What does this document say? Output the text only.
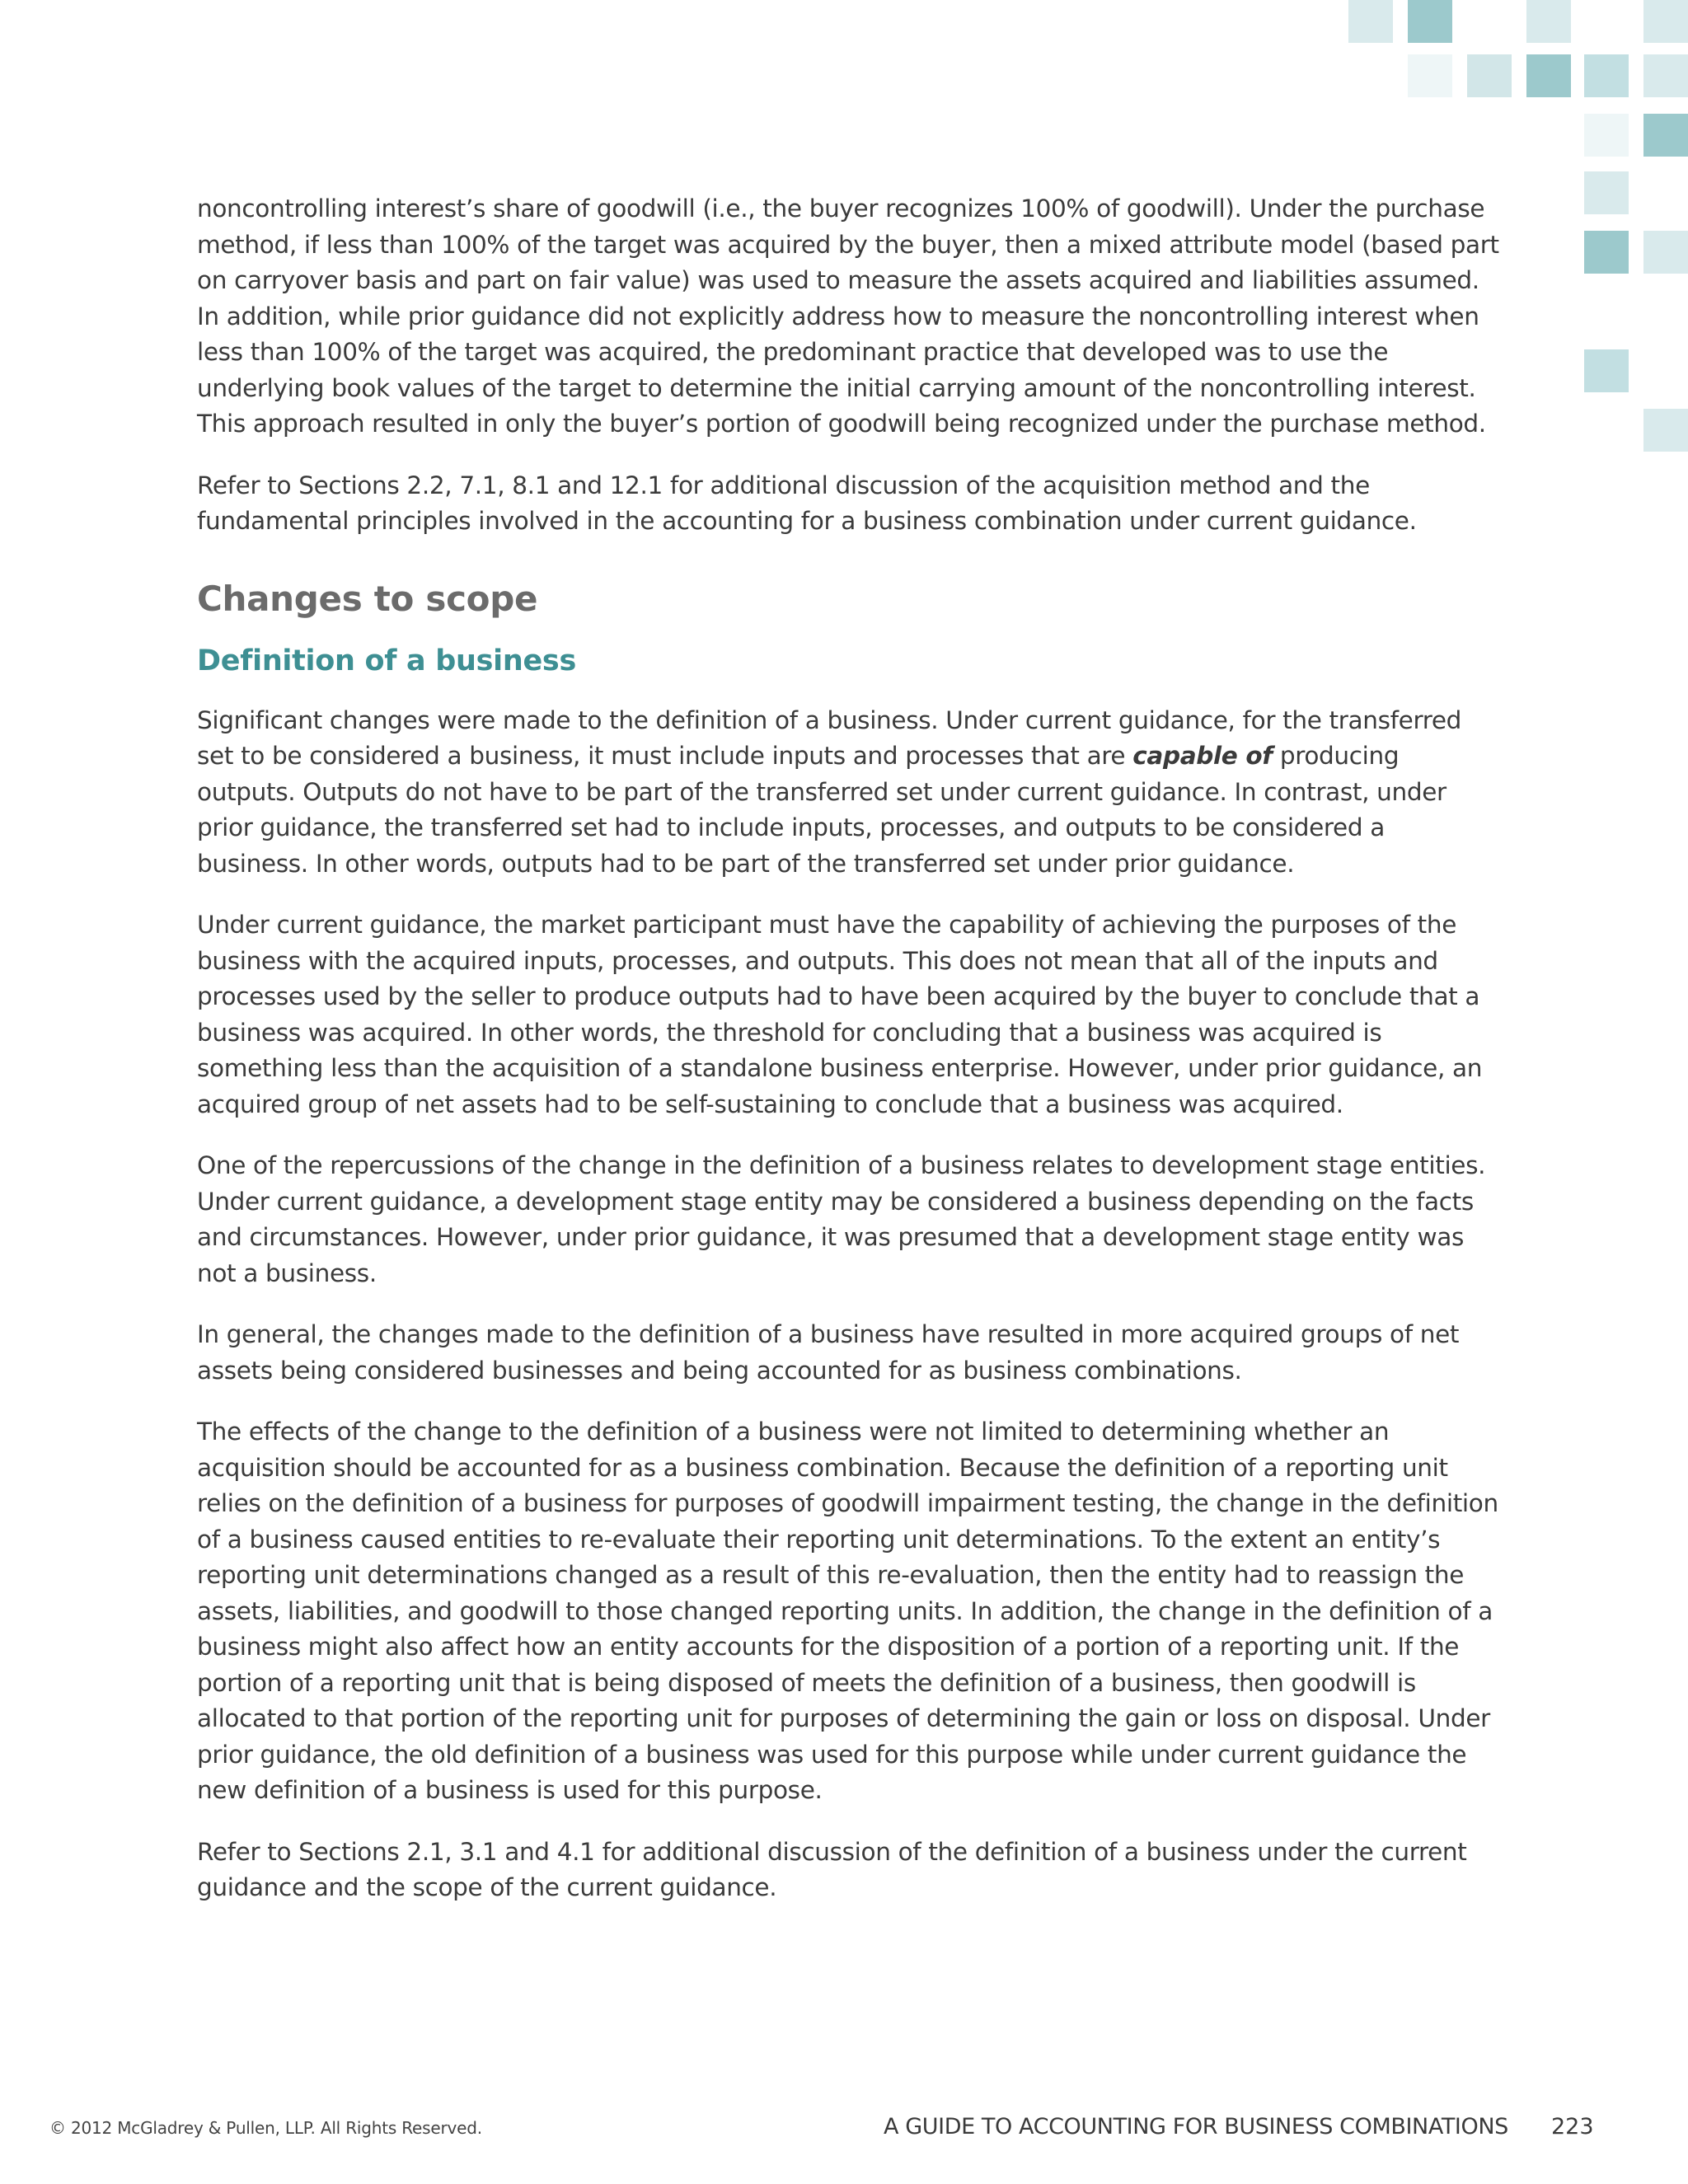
noncontrolling interest’s share of goodwill (i.e., the buyer recognizes 100% of goodwill). Under the purchase method, if less than 100% of the target was acquired by the buyer, then a mixed attribute model (based part on carryover basis and part on fair value) was used to measure the assets acquired and liabilities assumed. In addition, while prior guidance did not explicitly address how to measure the noncontrolling interest when less than 100% of the target was acquired, the predominant practice that developed was to use the underlying book values of the target to determine the initial carrying amount of the noncontrolling interest. This approach resulted in only the buyer’s portion of goodwill being recognized under the purchase method.

Refer to Sections 2.2, 7.1, 8.1 and 12.1 for additional discussion of the acquisition method and the fundamental principles involved in the accounting for a business combination under current guidance.

Changes to scope
Definition of a business

Significant changes were made to the definition of a business. Under current guidance, for the transferred set to be considered a business, it must include inputs and processes that are capable of producing outputs. Outputs do not have to be part of the transferred set under current guidance. In contrast, under prior guidance, the transferred set had to include inputs, processes, and outputs to be considered a business. In other words, outputs had to be part of the transferred set under prior guidance.

Under current guidance, the market participant must have the capability of achieving the purposes of the business with the acquired inputs, processes, and outputs. This does not mean that all of the inputs and processes used by the seller to produce outputs had to have been acquired by the buyer to conclude that a business was acquired. In other words, the threshold for concluding that a business was acquired is something less than the acquisition of a standalone business enterprise. However, under prior guidance, an acquired group of net assets had to be self-sustaining to conclude that a business was acquired.

One of the repercussions of the change in the definition of a business relates to development stage entities. Under current guidance, a development stage entity may be considered a business depending on the facts and circumstances. However, under prior guidance, it was presumed that a development stage entity was not a business.

In general, the changes made to the definition of a business have resulted in more acquired groups of net assets being considered businesses and being accounted for as business combinations.

The effects of the change to the definition of a business were not limited to determining whether an acquisition should be accounted for as a business combination. Because the definition of a reporting unit relies on the definition of a business for purposes of goodwill impairment testing, the change in the definition of a business caused entities to re-evaluate their reporting unit determinations. To the extent an entity’s reporting unit determinations changed as a result of this re-evaluation, then the entity had to reassign the assets, liabilities, and goodwill to those changed reporting units. In addition, the change in the definition of a business might also affect how an entity accounts for the disposition of a portion of a reporting unit. If the portion of a reporting unit that is being disposed of meets the definition of a business, then goodwill is allocated to that portion of the reporting unit for purposes of determining the gain or loss on disposal. Under prior guidance, the old definition of a business was used for this purpose while under current guidance the new definition of a business is used for this purpose.

Refer to Sections 2.1, 3.1 and 4.1 for additional discussion of the definition of a business under the current guidance and the scope of the current guidance.

© 2012 McGladrey & Pullen, LLP. All Rights Reserved.	A GUIDE TO ACCOUNTING FOR BUSINESS COMBINATIONS 223
